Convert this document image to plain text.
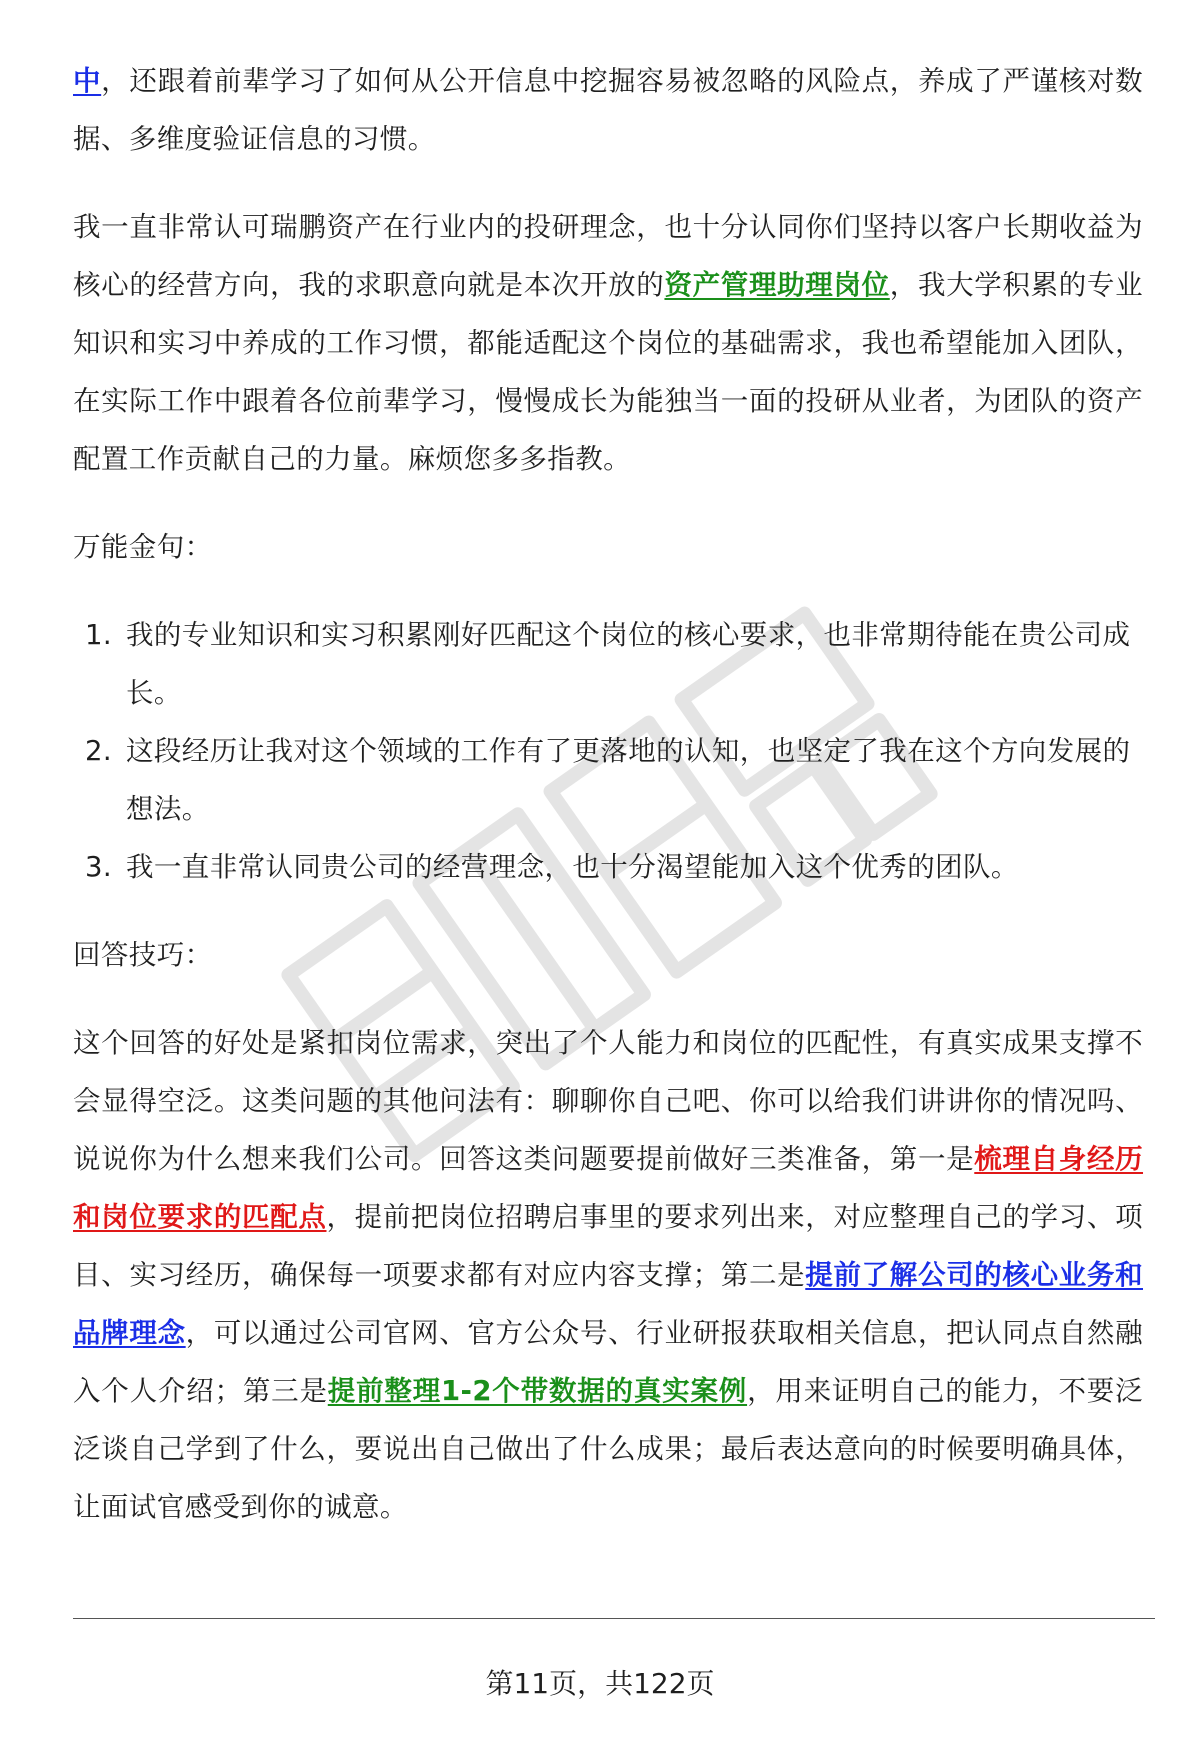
中，还跟着前辈学习了如何从公开信息中挖掘容易被忽略的风险点，养成了严谨核对数据、多维度验证信息的习惯。

我一直非常认可瑞鹏资产在行业内的投研理念，也十分认同你们坚持以客户长期收益为核心的经营方向，我的求职意向就是本次开放的资产管理助理岗位，我大学积累的专业知识和实习中养成的工作习惯，都能适配这个岗位的基础需求，我也希望能加入团队，在实际工作中跟着各位前辈学习，慢慢成长为能独当一面的投研从业者，为团队的资产配置工作贡献自己的力量。麻烦您多多指教。

万能金句：

1. 我的专业知识和实习积累刚好匹配这个岗位的核心要求，也非常期待能在贵公司成长。
2. 这段经历让我对这个领域的工作有了更落地的认知，也坚定了我在这个方向发展的想法。
3. 我一直非常认同贵公司的经营理念，也十分渴望能加入这个优秀的团队。

回答技巧：

这个回答的好处是紧扣岗位需求，突出了个人能力和岗位的匹配性，有真实成果支撑不会显得空泛。这类问题的其他问法有：聊聊你自己吧、你可以给我们讲讲你的情况吗、说说你为什么想来我们公司。回答这类问题要提前做好三类准备，第一是梳理自身经历和岗位要求的匹配点，提前把岗位招聘启事里的要求列出来，对应整理自己的学习、项目、实习经历，确保每一项要求都有对应内容支撑；第二是提前了解公司的核心业务和品牌理念，可以通过公司官网、官方公众号、行业研报获取相关信息，把认同点自然融入个人介绍；第三是提前整理1-2个带数据的真实案例，用来证明自己的能力，不要泛泛谈自己学到了什么，要说出自己做出了什么成果；最后表达意向的时候要明确具体，让面试官感受到你的诚意。

第11页，共122页
